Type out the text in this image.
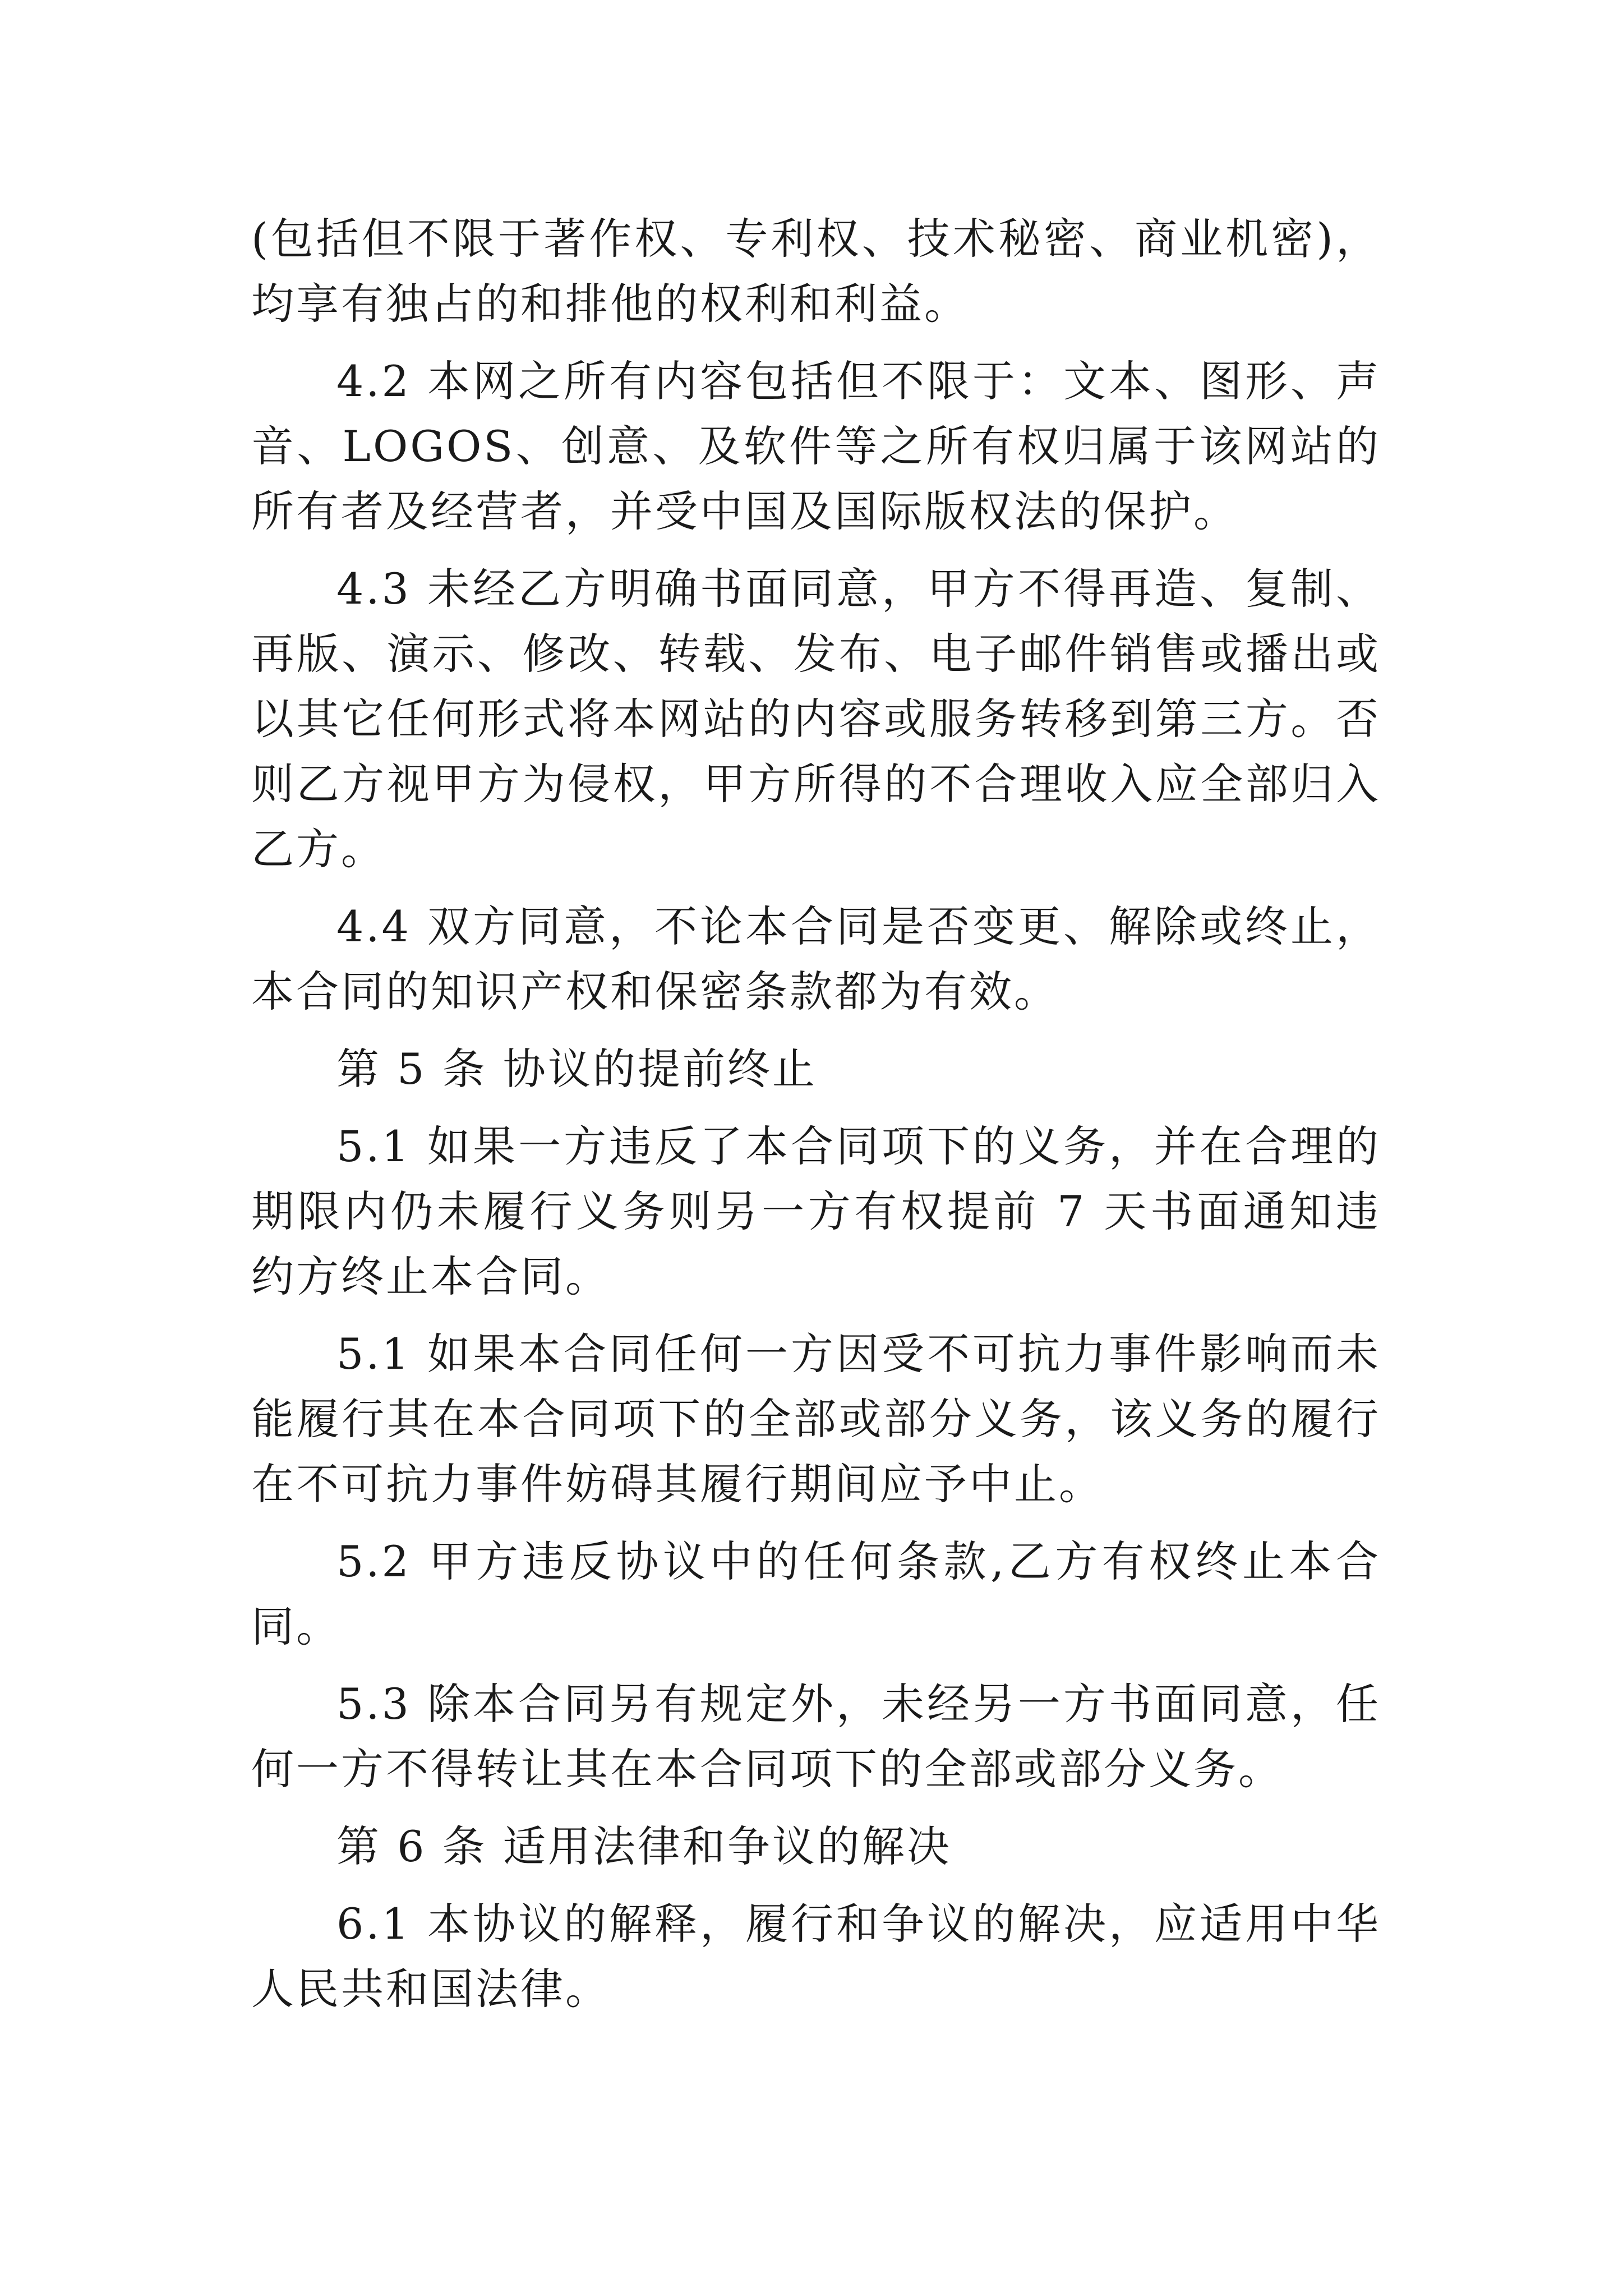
(包括但不限于著作权、专利权、技术秘密、商业机密)，均享有独占的和排他的权利和利益。

4.2 本网之所有内容包括但不限于：文本、图形、声音、LOGOS、创意、及软件等之所有权归属于该网站的所有者及经营者，并受中国及国际版权法的保护。

4.3 未经乙方明确书面同意，甲方不得再造、复制、再版、演示、修改、转载、发布、电子邮件销售或播出或以其它任何形式将本网站的内容或服务转移到第三方。否则乙方视甲方为侵权，甲方所得的不合理收入应全部归入乙方。

4.4 双方同意，不论本合同是否变更、解除或终止，本合同的知识产权和保密条款都为有效。

第 5 条 协议的提前终止

5.1 如果一方违反了本合同项下的义务，并在合理的期限内仍未履行义务则另一方有权提前 7 天书面通知违约方终止本合同。

5.1 如果本合同任何一方因受不可抗力事件影响而未能履行其在本合同项下的全部或部分义务，该义务的履行在不可抗力事件妨碍其履行期间应予中止。

5.2 甲方违反协议中的任何条款,乙方有权终止本合同。

5.3 除本合同另有规定外，未经另一方书面同意，任何一方不得转让其在本合同项下的全部或部分义务。

第 6 条 适用法律和争议的解决

6.1 本协议的解释，履行和争议的解决，应适用中华人民共和国法律。
